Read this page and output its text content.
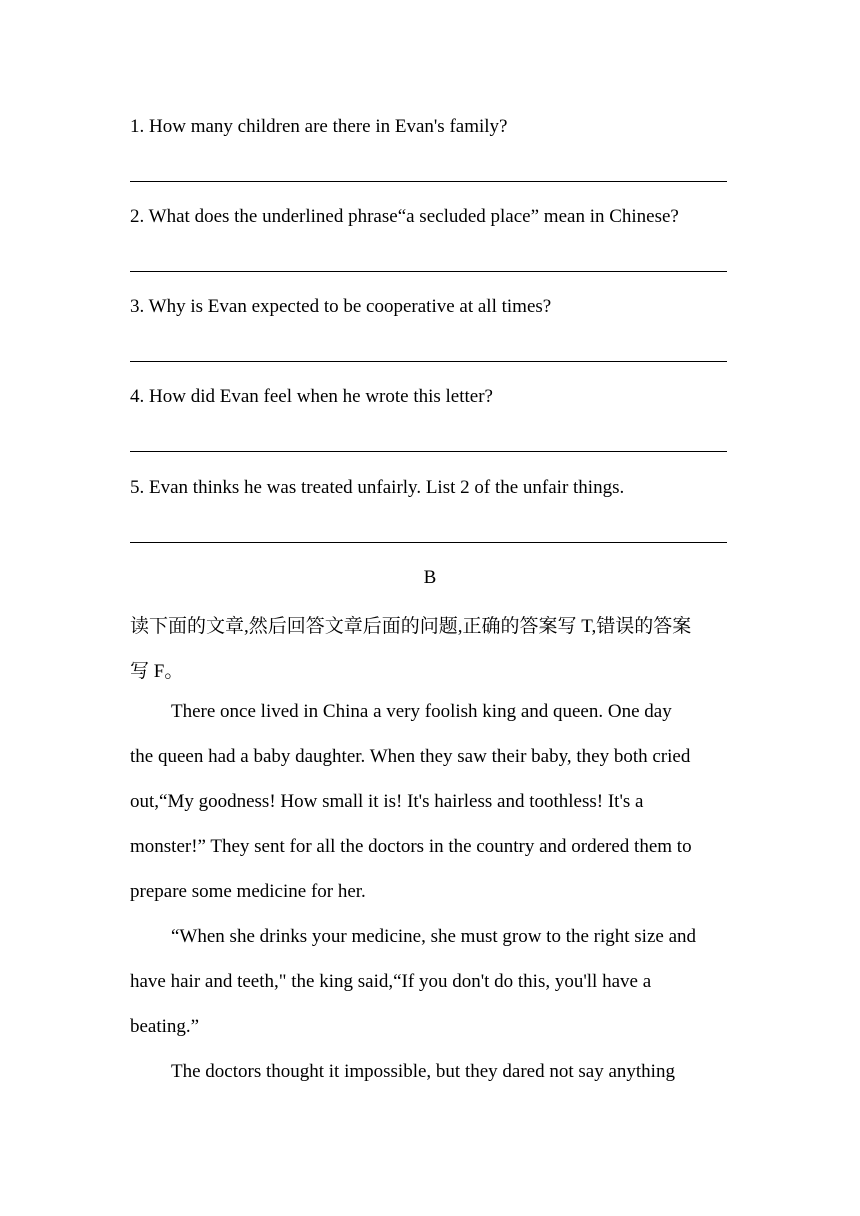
1. How many children are there in Evan's family?
2. What does the underlined phrase“a secluded place” mean in Chinese?
3. Why is Evan expected to be cooperative at all times?
4. How did Evan feel when he wrote this letter?
5. Evan thinks he was treated unfairly. List 2 of the unfair things.
B
读下面的文章,然后回答文章后面的问题,正确的答案写 T,错误的答案
写 F。
There once lived in China a very foolish king and queen. One day
the queen had a baby daughter. When they saw their baby, they both cried
out,“My goodness! How small it is! It's hairless and toothless! It's a
monster!” They sent for all the doctors in the country and ordered them to
prepare some medicine for her.
“When she drinks your medicine, she must grow to the right size and
have hair and teeth," the king said,“If you don't do this, you'll have a
beating.”
The doctors thought it impossible, but they dared not say anything
